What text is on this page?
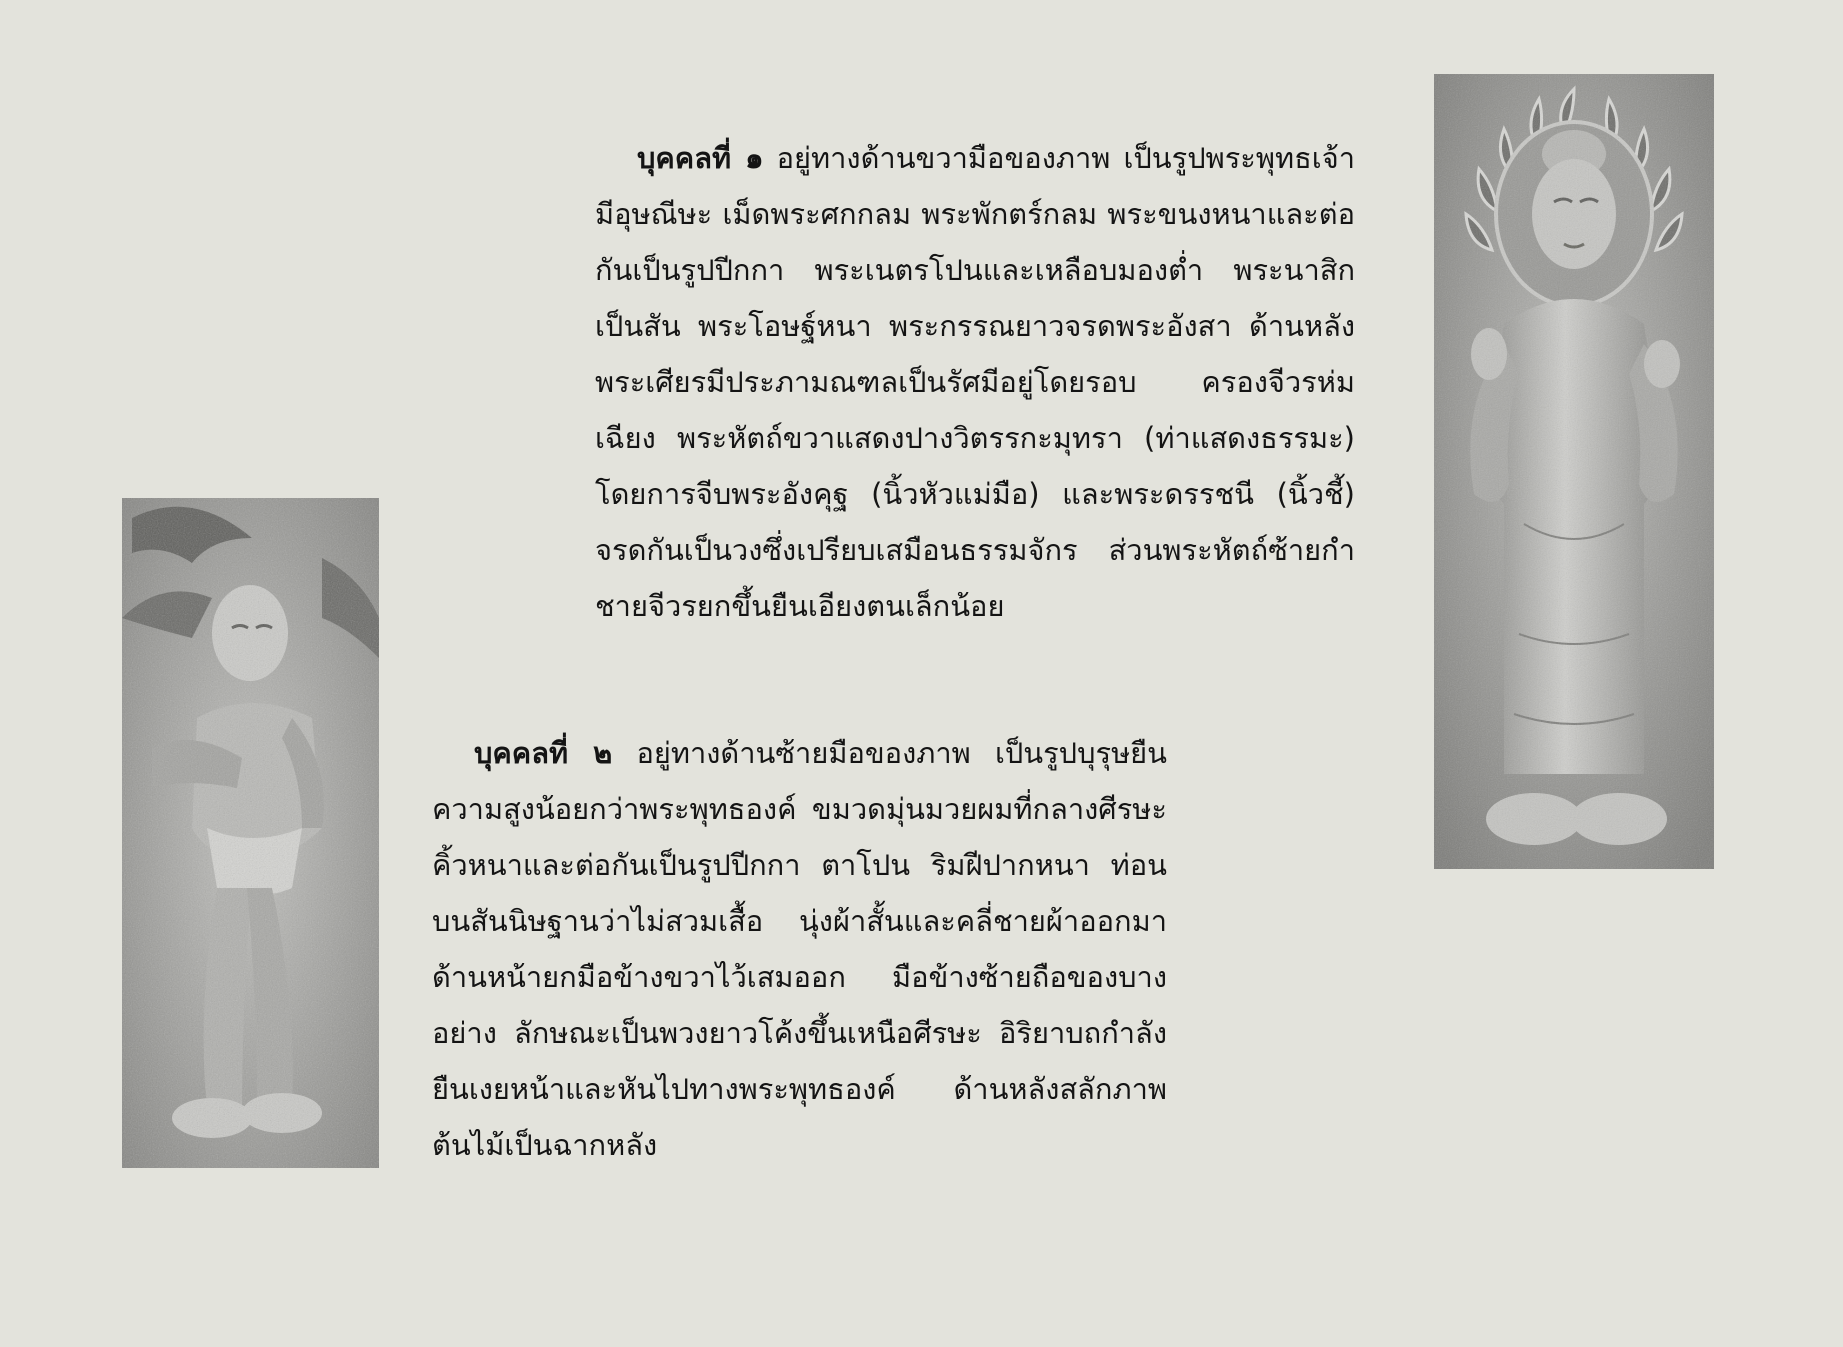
บุคคลที่ ๑ อยู่ทางด้านขวามือของภาพ เป็นรูปพระพุทธเจ้ามีอุษณีษะ เม็ดพระศกกลม พระพักตร์กลม พระขนงหนาและต่อกันเป็นรูปปีกกา พระเนตรโปนและเหลือบมองต่ำ พระนาสิกเป็นสัน พระโอษฐ์หนา พระกรรณยาวจรดพระอังสา ด้านหลังพระเศียรมีประภามณฑลเป็นรัศมีอยู่โดยรอบ ครองจีวรห่มเฉียง พระหัตถ์ขวาแสดงปางวิตรรกะมุทรา (ท่าแสดงธรรมะ) โดยการจีบพระอังคุฐ (นิ้วหัวแม่มือ) และพระดรรชนี (นิ้วชี้) จรดกันเป็นวงซึ่งเปรียบเสมือนธรรมจักร ส่วนพระหัตถ์ซ้ายกำชายจีวรยกขึ้นยืนเอียงตนเล็กน้อย

บุคคลที่ ๒ อยู่ทางด้านซ้ายมือของภาพ เป็นรูปบุรุษยืนความสูงน้อยกว่าพระพุทธองค์ ขมวดมุ่นมวยผมที่กลางศีรษะคิ้วหนาและต่อกันเป็นรูปปีกกา ตาโปน ริมฝีปากหนา ท่อนบนสันนิษฐานว่าไม่สวมเสื้อ นุ่งผ้าสั้นและคลี่ชายผ้าออกมาด้านหน้ายกมือข้างขวาไว้เสมออก มือข้างซ้ายถือของบางอย่าง ลักษณะเป็นพวงยาวโค้งขึ้นเหนือศีรษะ อิริยาบถกำลังยืนเงยหน้าและหันไปทางพระพุทธองค์ ด้านหลังสลักภาพต้นไม้เป็นฉากหลัง
